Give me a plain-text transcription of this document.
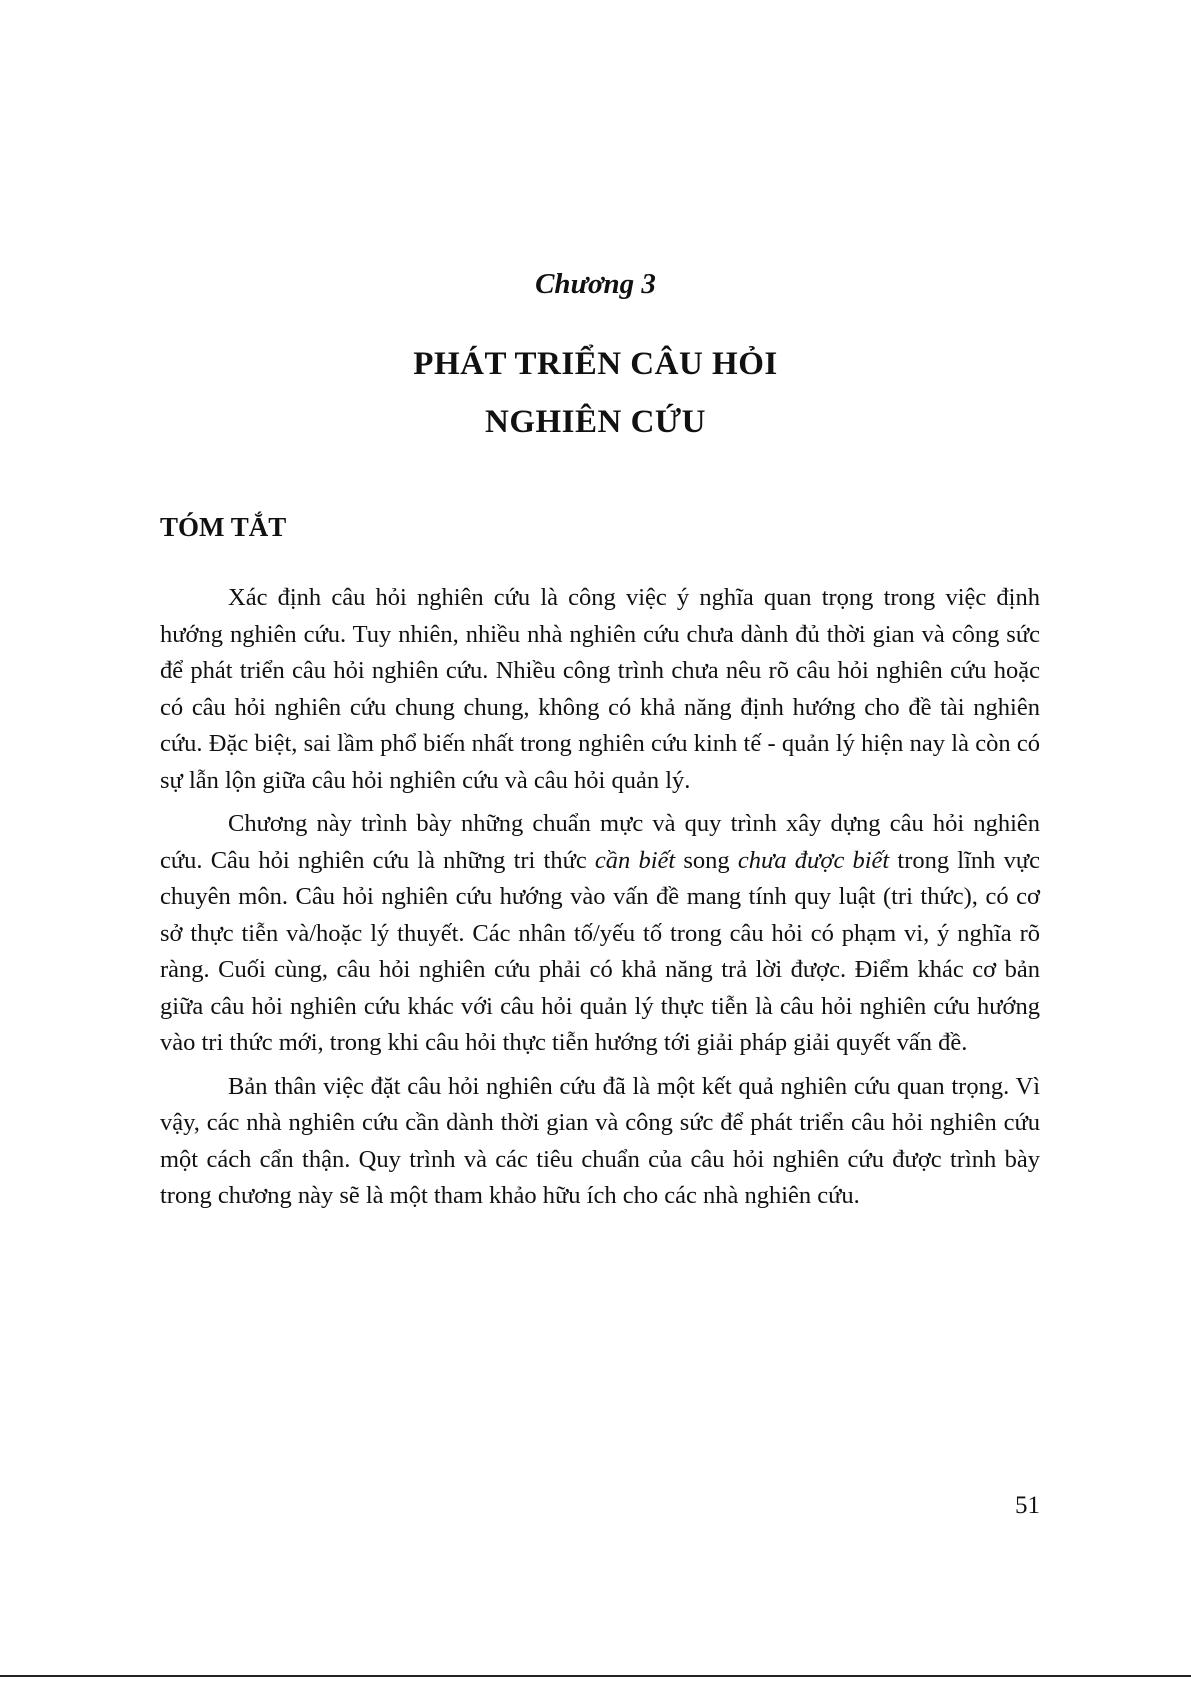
Chương 3
PHÁT TRIỂN CÂU HỎI
NGHIÊN CỨU
TÓM TẮT

Xác định câu hỏi nghiên cứu là công việc ý nghĩa quan trọng trong việc định hướng nghiên cứu. Tuy nhiên, nhiều nhà nghiên cứu chưa dành đủ thời gian và công sức để phát triển câu hỏi nghiên cứu. Nhiều công trình chưa nêu rõ câu hỏi nghiên cứu hoặc có câu hỏi nghiên cứu chung chung, không có khả năng định hướng cho đề tài nghiên cứu. Đặc biệt, sai lầm phổ biến nhất trong nghiên cứu kinh tế - quản lý hiện nay là còn có sự lẫn lộn giữa câu hỏi nghiên cứu và câu hỏi quản lý.

Chương này trình bày những chuẩn mực và quy trình xây dựng câu hỏi nghiên cứu. Câu hỏi nghiên cứu là những tri thức cần biết song chưa được biết trong lĩnh vực chuyên môn. Câu hỏi nghiên cứu hướng vào vấn đề mang tính quy luật (tri thức), có cơ sở thực tiễn và/hoặc lý thuyết. Các nhân tố/yếu tố trong câu hỏi có phạm vi, ý nghĩa rõ ràng. Cuối cùng, câu hỏi nghiên cứu phải có khả năng trả lời được. Điểm khác cơ bản giữa câu hỏi nghiên cứu khác với câu hỏi quản lý thực tiễn là câu hỏi nghiên cứu hướng vào tri thức mới, trong khi câu hỏi thực tiễn hướng tới giải pháp giải quyết vấn đề.

Bản thân việc đặt câu hỏi nghiên cứu đã là một kết quả nghiên cứu quan trọng. Vì vậy, các nhà nghiên cứu cần dành thời gian và công sức để phát triển câu hỏi nghiên cứu một cách cẩn thận. Quy trình và các tiêu chuẩn của câu hỏi nghiên cứu được trình bày trong chương này sẽ là một tham khảo hữu ích cho các nhà nghiên cứu.

51
